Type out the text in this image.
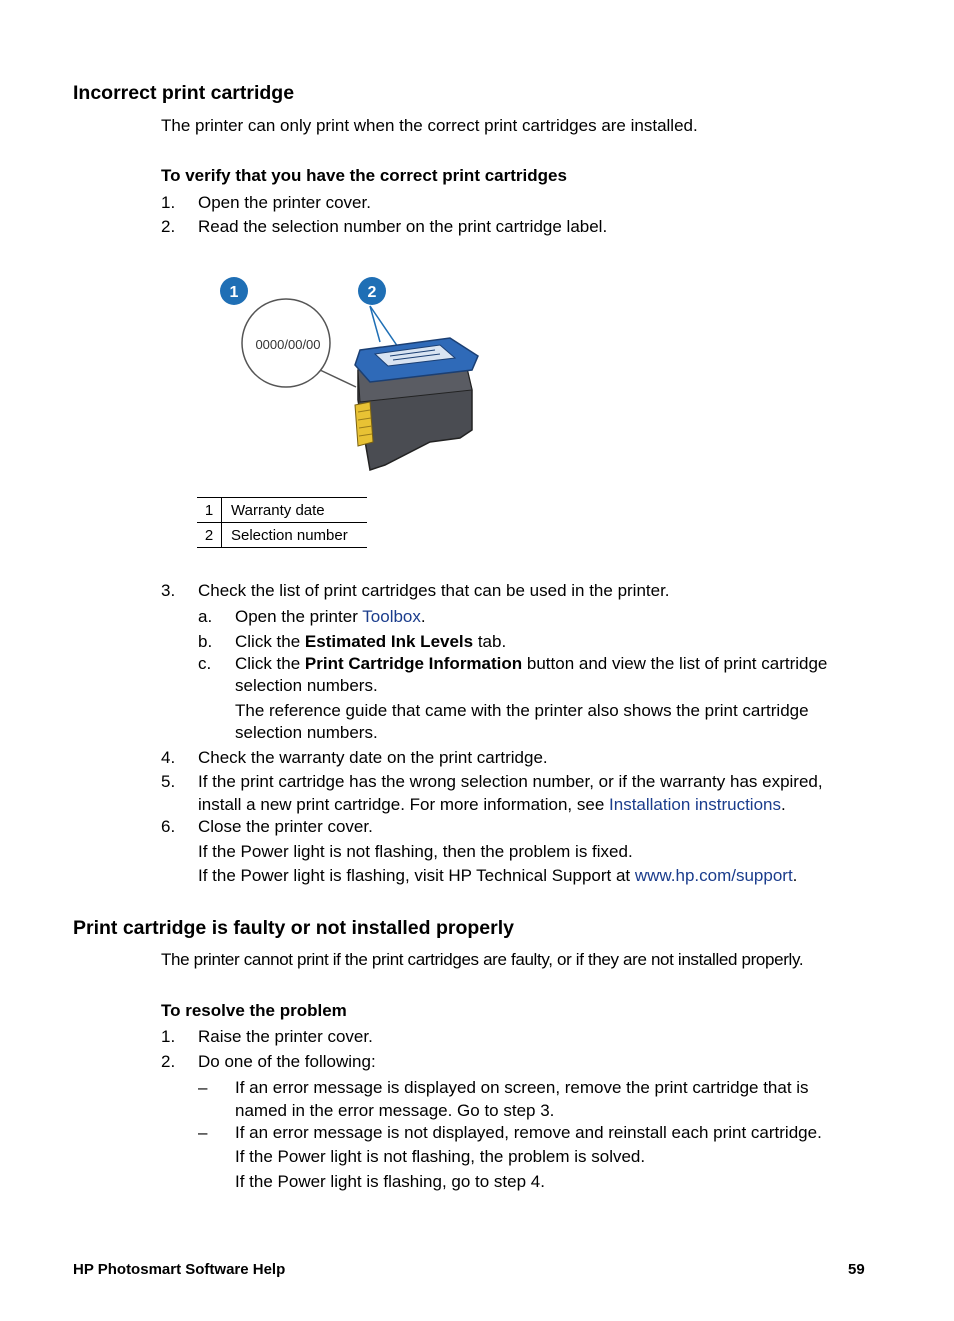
Incorrect print cartridge
The printer can only print when the correct print cartridges are installed.
To verify that you have the correct print cartridges
1. Open the printer cover.
2. Read the selection number on the print cartridge label.
0000/00/00
1	2
1	Warranty date
2	Selection number
3. Check the list of print cartridges that can be used in the printer.
a. Open the printer Toolbox.
b. Click the Estimated Ink Levels tab.
c. Click the Print Cartridge Information button and view the list of print cartridge
selection numbers.
The reference guide that came with the printer also shows the print cartridge
selection numbers.
4. Check the warranty date on the print cartridge.
5. If the print cartridge has the wrong selection number, or if the warranty has expired,
install a new print cartridge. For more information, see Installation instructions.
6. Close the printer cover.
If the Power light is not flashing, then the problem is fixed.
If the Power light is flashing, visit HP Technical Support at www.hp.com/support.
Print cartridge is faulty or not installed properly
The printer cannot print if the print cartridges are faulty, or if they are not installed properly.
To resolve the problem
1. Raise the printer cover.
2. Do one of the following:
– If an error message is displayed on screen, remove the print cartridge that is
named in the error message. Go to step 3.
– If an error message is not displayed, remove and reinstall each print cartridge.
If the Power light is not flashing, the problem is solved.
If the Power light is flashing, go to step 4.
HP Photosmart Software Help	59
